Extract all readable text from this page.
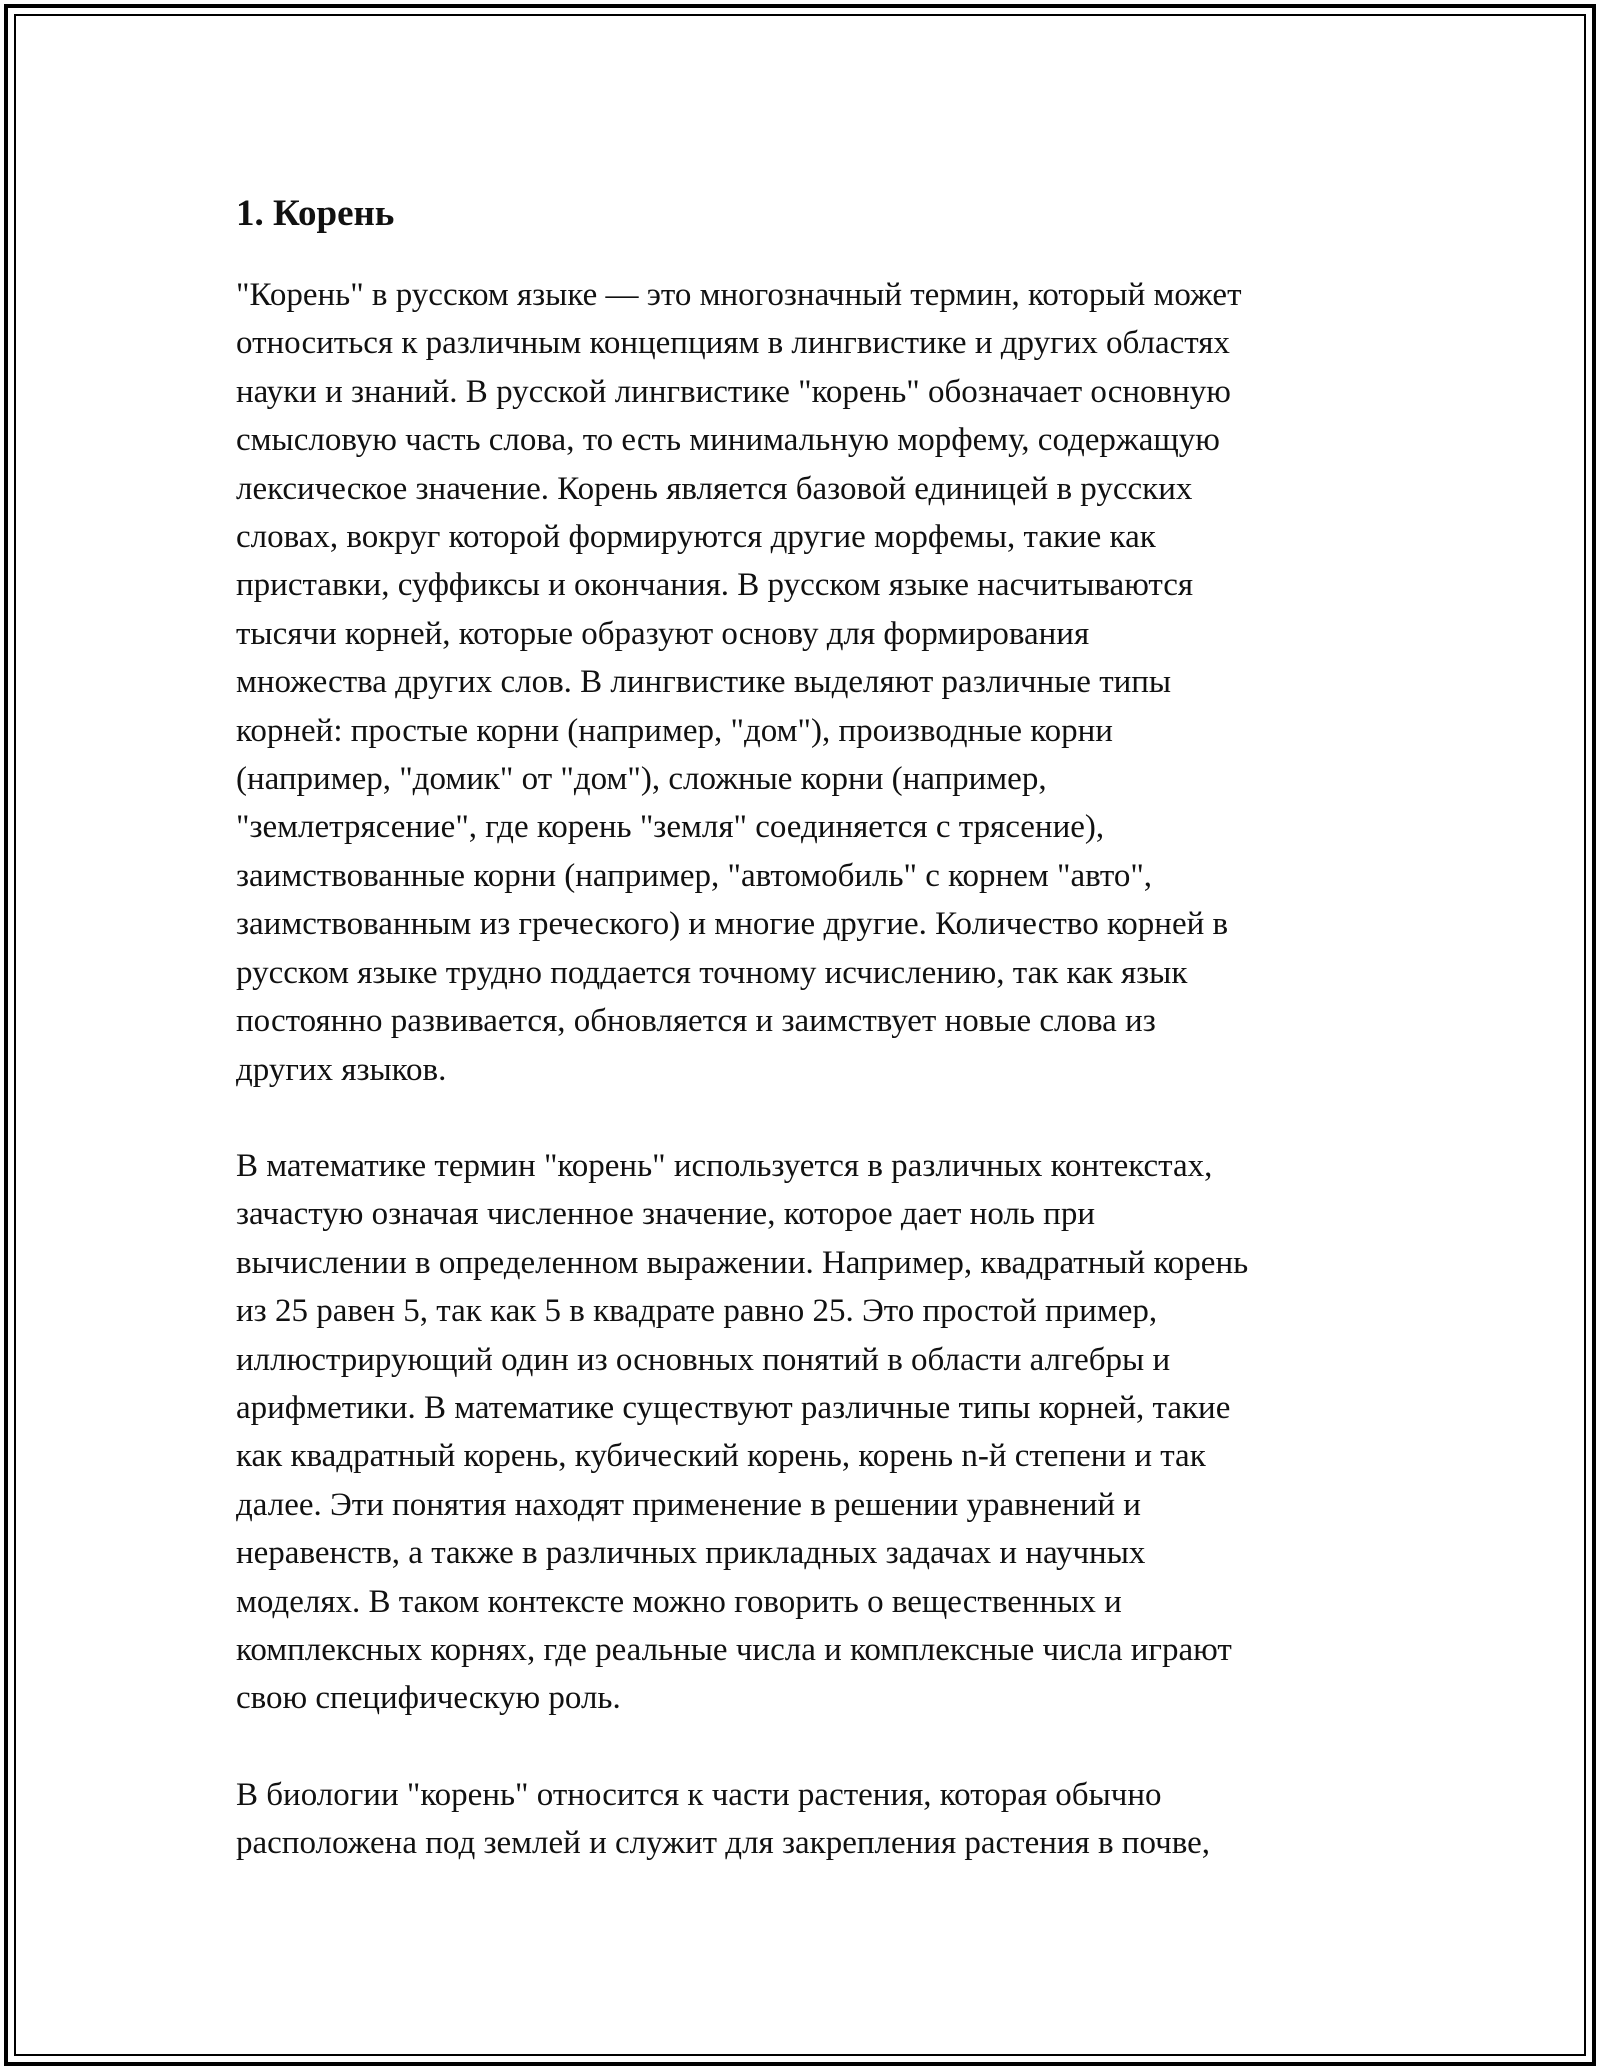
1. Корень

"Корень" в русском языке — это многозначный термин, который может
относиться к различным концепциям в лингвистике и других областях
науки и знаний. В русской лингвистике "корень" обозначает основную
смысловую часть слова, то есть минимальную морфему, содержащую
лексическое значение. Корень является базовой единицей в русских
словах, вокруг которой формируются другие морфемы, такие как
приставки, суффиксы и окончания. В русском языке насчитываются
тысячи корней, которые образуют основу для формирования
множества других слов. В лингвистике выделяют различные типы
корней: простые корни (например, "дом"), производные корни
(например, "домик" от "дом"), сложные корни (например,
"землетрясение", где корень "земля" соединяется с трясение),
заимствованные корни (например, "автомобиль" с корнем "авто",
заимствованным из греческого) и многие другие. Количество корней в
русском языке трудно поддается точному исчислению, так как язык
постоянно развивается, обновляется и заимствует новые слова из
других языков.

В математике термин "корень" используется в различных контекстах,
зачастую означая численное значение, которое дает ноль при
вычислении в определенном выражении. Например, квадратный корень
из 25 равен 5, так как 5 в квадрате равно 25. Это простой пример,
иллюстрирующий один из основных понятий в области алгебры и
арифметики. В математике существуют различные типы корней, такие
как квадратный корень, кубический корень, корень n-й степени и так
далее. Эти понятия находят применение в решении уравнений и
неравенств, а также в различных прикладных задачах и научных
моделях. В таком контексте можно говорить о вещественных и
комплексных корнях, где реальные числа и комплексные числа играют
свою специфическую роль.

В биологии "корень" относится к части растения, которая обычно
расположена под землей и служит для закрепления растения в почве,
